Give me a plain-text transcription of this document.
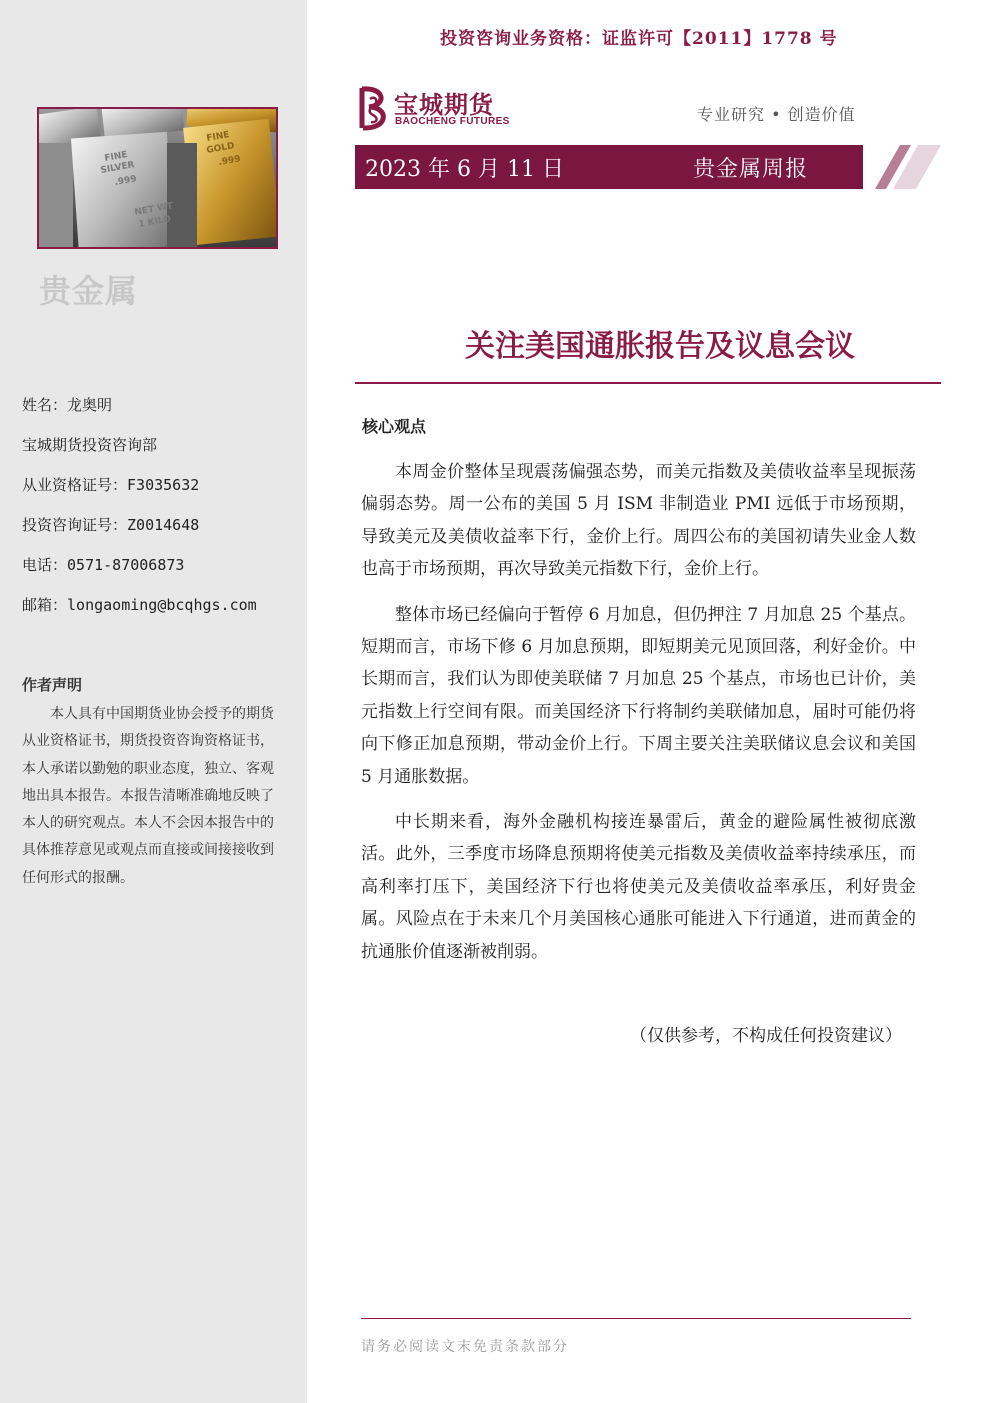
FINE
SILVER
.999
NET WT
1 KILO
FINE
GOLD
.999
贵金属
姓名：龙奥明
宝城期货投资咨询部
从业资格证号：F3035632
投资咨询证号：Z0014648
电话：0571-87006873
邮箱：longaoming@bcqhgs.com
作者声明
本人具有中国期货业协会授予的期货从业资格证书，期货投资咨询资格证书，本人承诺以勤勉的职业态度，独立、客观地出具本报告。本报告清晰准确地反映了本人的研究观点。本人不会因本报告中的具体推荐意见或观点而直接或间接接收到任何形式的报酬。
投资咨询业务资格：证监许可【2011】1778 号
宝城期货
BAOCHENG FUTURES	专业研究 • 创造价值
2023 年 6 月 11 日	贵金属周报
关注美国通胀报告及议息会议
核心观点

本周金价整体呈现震荡偏强态势，而美元指数及美债收益率呈现振荡偏弱态势。周一公布的美国 5 月 ISM 非制造业 PMI 远低于市场预期，导致美元及美债收益率下行，金价上行。周四公布的美国初请失业金人数也高于市场预期，再次导致美元指数下行，金价上行。

整体市场已经偏向于暂停 6 月加息，但仍押注 7 月加息 25 个基点。短期而言，市场下修 6 月加息预期，即短期美元见顶回落，利好金价。中长期而言，我们认为即使美联储 7 月加息 25 个基点，市场也已计价，美元指数上行空间有限。而美国经济下行将制约美联储加息，届时可能仍将向下修正加息预期，带动金价上行。下周主要关注美联储议息会议和美国 5 月通胀数据。

中长期来看，海外金融机构接连暴雷后，黄金的避险属性被彻底激活。此外，三季度市场降息预期将使美元指数及美债收益率持续承压，而高利率打压下，美国经济下行也将使美元及美债收益率承压，利好贵金属。风险点在于未来几个月美国核心通胀可能进入下行通道，进而黄金的抗通胀价值逐渐被削弱。

（仅供参考，不构成任何投资建议）
请务必阅读文末免责条款部分
